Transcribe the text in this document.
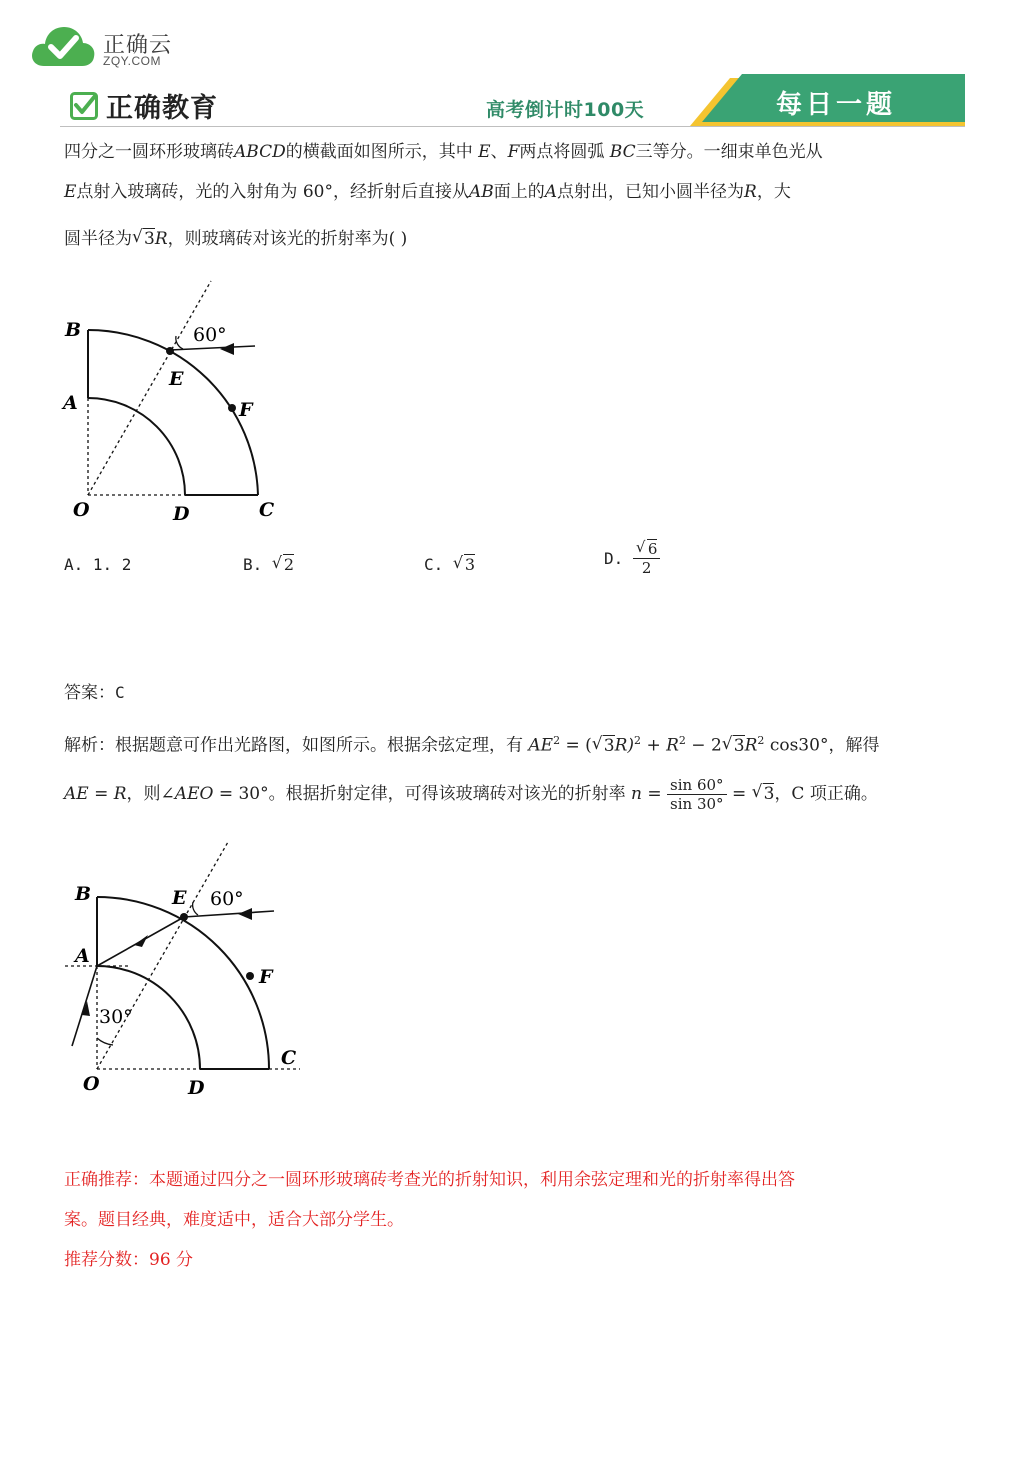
正确云
ZQY.COM
正确教育	高考倒计时100天	每日一题
四分之一圆环形玻璃砖ABCD的横截面如图所示，其中 E、F两点将圆弧 BC三等分。一细束单色光从
E点射入玻璃砖，光的入射角为 60°，经折射后直接从AB面上的A点射出，已知小圆半径为R，大
圆半径为√ 3R，则玻璃砖对该光的折射率为( )
B
A
O	D	C
E
F
60°
A. 1. 2	B. √ 2	C. √ 3	D.
√ $\frac{6}{2}$
答案：C
解析：根据题意可作出光路图，如图所示。根据余弦定理，有 $AE^2$ = (√ $3R)^2 + R^2 - 2√$ $3R^2$ cos30°，解得
AE = R，则∠AEO = 30°。根据折射定律，可得该玻璃砖对该光的折射率 $n = \frac{\sin 60^\circ}{\sin 30^\circ}$ = √ 3，C 项正确。
B
A
O	D
C
E
F
60°
30°
正确推荐：本题通过四分之一圆环形玻璃砖考查光的折射知识，利用余弦定理和光的折射率得出答
案。题目经典，难度适中，适合大部分学生。
推荐分数：96 分
